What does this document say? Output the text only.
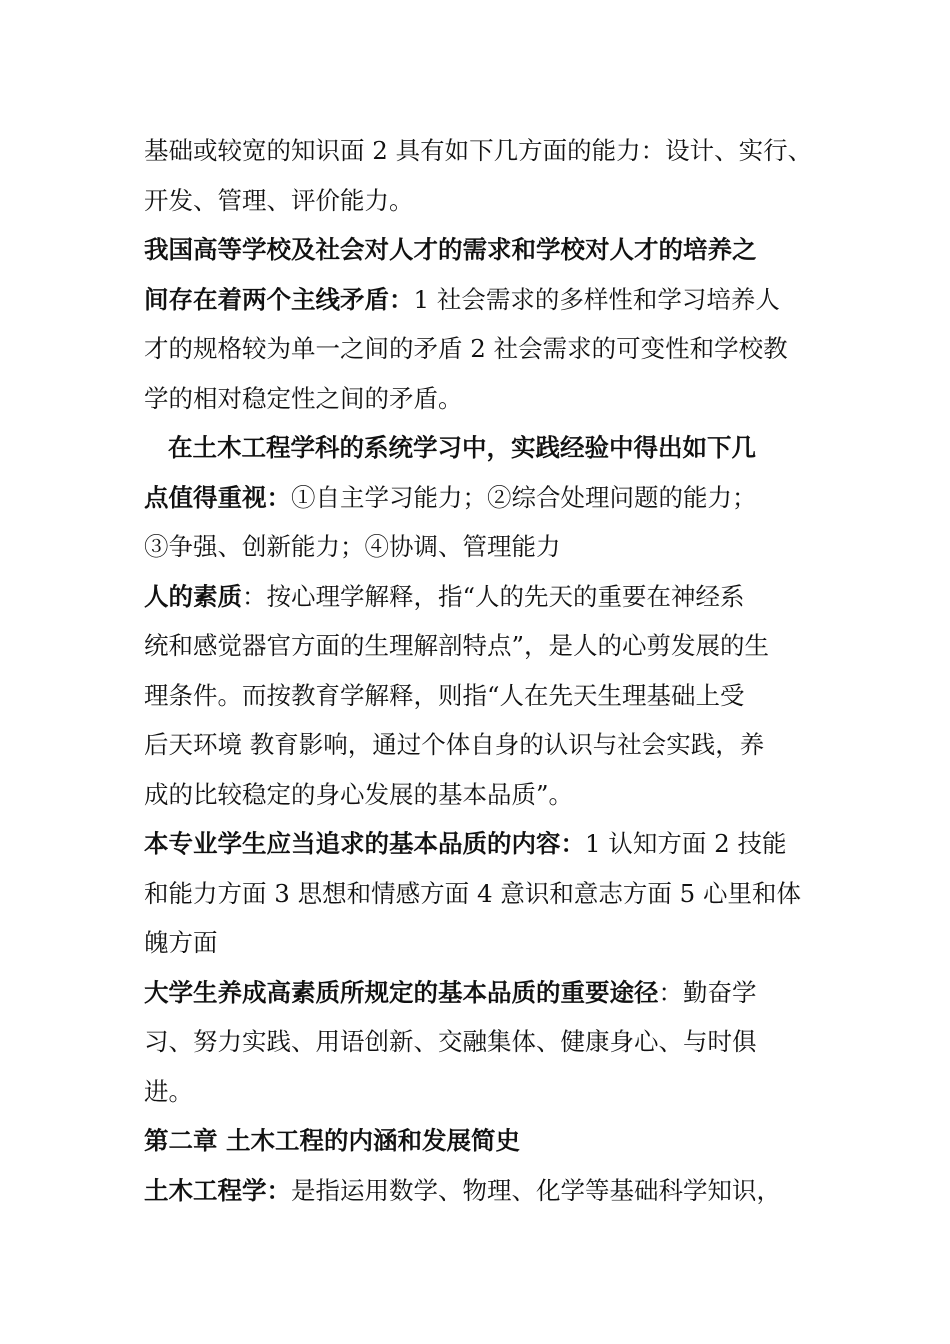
基础或较宽的知识面 2 具有如下几方面的能力：设计、实行、
开发、管理、评价能力。
我国高等学校及社会对人才的需求和学校对人才的培养之
间存在着两个主线矛盾：1 社会需求的多样性和学习培养人
才的规格较为单一之间的矛盾 2 社会需求的可变性和学校教
学的相对稳定性之间的矛盾。
在土木工程学科的系统学习中，实践经验中得出如下几
点值得重视：①自主学习能力；②综合处理问题的能力；
③争强、创新能力；④协调、管理能力
人的素质：按心理学解释，指“人的先天的重要在神经系
统和感觉器官方面的生理解剖特点”，是人的心剪发展的生
理条件。而按教育学解释，则指“人在先天生理基础上受
后天环境 教育影响，通过个体自身的认识与社会实践，养
成的比较稳定的身心发展的基本品质”。
本专业学生应当追求的基本品质的内容：1 认知方面 2 技能
和能力方面 3 思想和情感方面 4 意识和意志方面 5 心里和体
魄方面
大学生养成高素质所规定的基本品质的重要途径：勤奋学
习、努力实践、用语创新、交融集体、健康身心、与时俱
进。
第二章 土木工程的内涵和发展简史
土木工程学：是指运用数学、物理、化学等基础科学知识，
